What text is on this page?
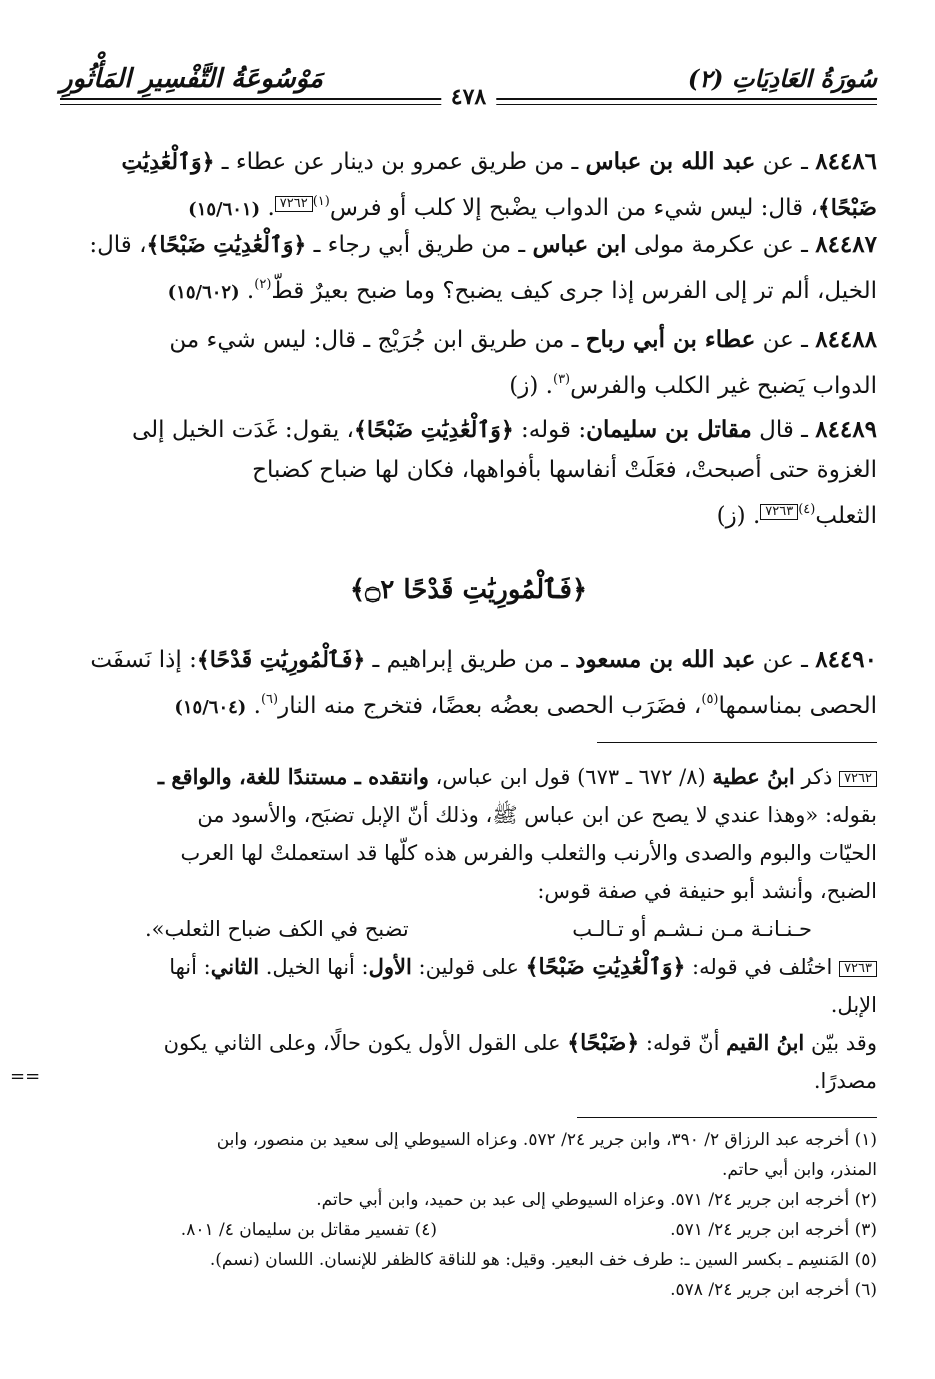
سُورَةُ العَادِيَاتِ (٢)
مَوْسُوعَةُ التَّفْسِيرِ المَأْثُورِ
٤٧٨
٨٤٤٨٦ ـ عن عبد الله بن عباس ـ من طريق عمرو بن دينار عن عطاء ـ ﴿وَٱلْعَٰدِيَٰتِ
ضَبْحًا﴾، قال: ليس شيء من الدواب يضْبح إلا كلب أو فرس$^{(١)}$٧٢٦٢. (١٥/٦٠١)
٨٤٤٨٧ ـ عن عكرمة مولى ابن عباس ـ من طريق أبي رجاء ـ ﴿وَٱلْعَٰدِيَٰتِ ضَبْحًا﴾، قال:
الخيل، ألم تر إلى الفرس إذا جرى كيف يضبح؟ وما ضبح بعيرٌ قطّ$^{(٢)}$. (١٥/٦٠٢)
٨٤٤٨٨ ـ عن عطاء بن أبي رباح ـ من طريق ابن جُرَيْج ـ قال: ليس شيء من
الدواب يَضبح غير الكلب والفرس$^{(٣)}$. (ز)
٨٤٤٨٩ ـ قال مقاتل بن سليمان: قوله: ﴿وَٱلْعَٰدِيَٰتِ ضَبْحًا﴾، يقول: غَدَت الخيل إلى
الغزوة حتى أصبحتْ، فعَلَتْ أنفاسها بأفواهها، فكان لها ضباح كضباح
الثعلب$^{(٤)}$٧٢٦٣. (ز)
﴿فَٱلْمُورِيَٰتِ قَدْحًا ۝٢﴾
٨٤٤٩٠ ـ عن عبد الله بن مسعود ـ من طريق إبراهيم ـ ﴿فَٱلْمُورِيَٰتِ قَدْحًا﴾: إذا نَسفَت
الحصى بمناسمها$^{(٥)}$، فضَرَب الحصى بعضُه بعضًا، فتخرج منه النار$^{(٦)}$. (١٥/٦٠٤)
٧٢٦٢ ذكر ابنُ عطية (٨/ ٦٧٢ ـ ٦٧٣) قول ابن عباس، وانتقده ـ مستندًا للغة، والواقع ـ
بقوله: «وهذا عندي لا يصح عن ابن عباس ﷺ، وذلك أنّ الإبل تضبَح، والأسود من
الحيّات والبوم والصدى والأرنب والثعلب والفرس هذه كلّها قد استعملتْ لها العرب
الضبح، وأنشد أبو حنيفة في صفة قوس:
حـنـانـة مـن نـشـم أو تـالـب
تضبح في الكف ضباح الثعلب».
٧٢٦٣ اختُلف في قوله: ﴿وَٱلْعَٰدِيَٰتِ ضَبْحًا﴾ على قولين: الأول: أنها الخيل. الثاني: أنها
الإبل.
وقد بيّن ابنُ القيم أنّ قوله: ﴿ضَبْحًا﴾ على القول الأول يكون حالًا، وعلى الثاني يكون
مصدرًا.
==
(١) أخرجه عبد الرزاق ٢/ ٣٩٠، وابن جرير ٢٤/ ٥٧٢. وعزاه السيوطي إلى سعيد بن منصور، وابن
المنذر، وابن أبي حاتم.
(٢) أخرجه ابن جرير ٢٤/ ٥٧١. وعزاه السيوطي إلى عبد بن حميد، وابن أبي حاتم.
(٣) أخرجه ابن جرير ٢٤/ ٥٧١.
(٤) تفسير مقاتل بن سليمان ٤/ ٨٠١.
(٥) المَنسِم ـ بكسر السين ـ: طرف خف البعير. وقيل: هو للناقة كالظفر للإنسان. اللسان (نسم).
(٦) أخرجه ابن جرير ٢٤/ ٥٧٨.
